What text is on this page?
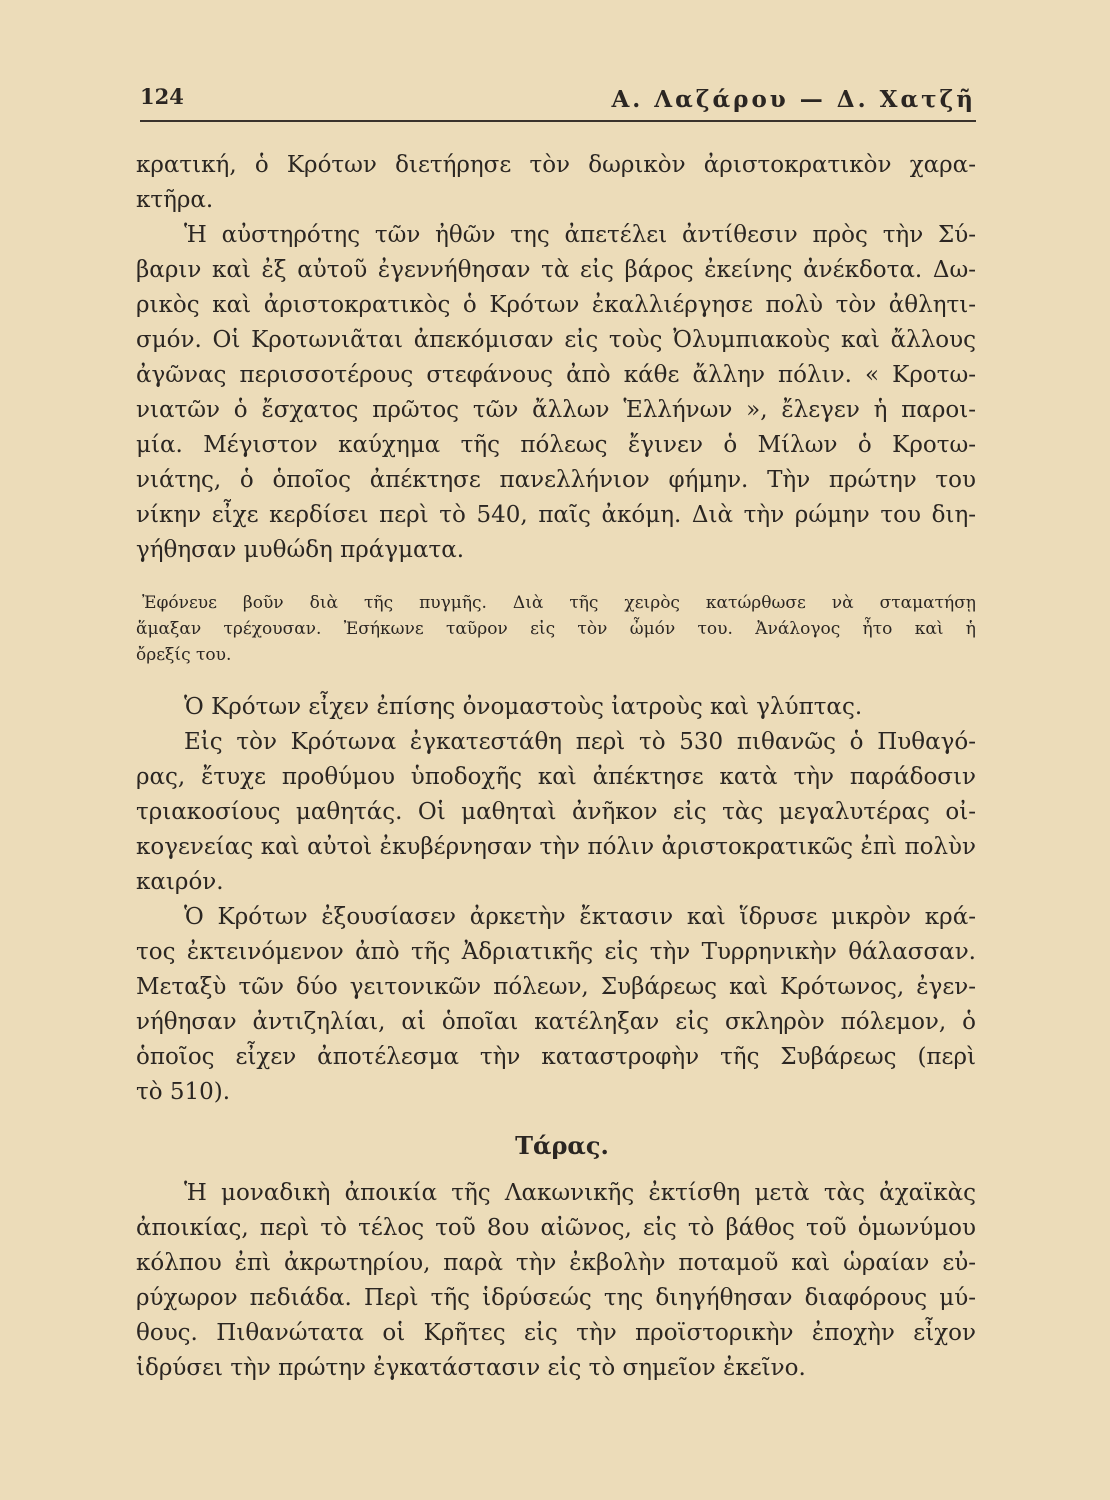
124	Α. Λαζάρου — Δ. Χατζῆ
κρατική, ὁ Κρότων διετήρησε τὸν δωρικὸν ἀριστοκρατικὸν χαρα-
κτῆρα.
Ἡ αὐστηρότης τῶν ἠθῶν της ἀπετέλει ἀντίθεσιν πρὸς τὴν Σύ-
βαριν καὶ ἐξ αὐτοῦ ἐγεννήθησαν τὰ εἰς βάρος ἐκείνης ἀνέκδοτα. Δω-
ρικὸς καὶ ἀριστοκρατικὸς ὁ Κρότων ἐκαλλιέργησε πολὺ τὸν ἀθλητι-
σμόν. Οἱ Κροτωνιᾶται ἀπεκόμισαν εἰς τοὺς Ὀλυμπιακοὺς καὶ ἄλλους
ἀγῶνας περισσοτέρους στεφάνους ἀπὸ κάθε ἄλλην πόλιν. « Κροτω-
νιατῶν ὁ ἔσχατος πρῶτος τῶν ἄλλων Ἑλλήνων », ἔλεγεν ἡ παροι-
μία. Μέγιστον καύχημα τῆς πόλεως ἔγινεν ὁ Μίλων ὁ Κροτω-
νιάτης, ὁ ὁποῖος ἀπέκτησε πανελλήνιον φήμην. Τὴν πρώτην του
νίκην εἶχε κερδίσει περὶ τὸ 540, παῖς ἀκόμη. Διὰ τὴν ρώμην του διη-
γήθησαν μυθώδη πράγματα.
Ἐφόνευε βοῦν διὰ τῆς πυγμῆς. Διὰ τῆς χειρὸς κατώρθωσε νὰ σταματήσῃ
ἅμαξαν τρέχουσαν. Ἐσήκωνε ταῦρον εἰς τὸν ὦμόν του. Ἀνάλογος ἦτο καὶ ἡ
ὄρεξίς του.
Ὁ Κρότων εἶχεν ἐπίσης ὀνομαστοὺς ἰατροὺς καὶ γλύπτας.
Εἰς τὸν Κρότωνα ἐγκατεστάθη περὶ τὸ 530 πιθανῶς ὁ Πυθαγό-
ρας, ἔτυχε προθύμου ὑποδοχῆς καὶ ἀπέκτησε κατὰ τὴν παράδοσιν
τριακοσίους μαθητάς. Οἱ μαθηταὶ ἀνῆκον εἰς τὰς μεγαλυτέρας οἰ-
κογενείας καὶ αὐτοὶ ἐκυβέρνησαν τὴν πόλιν ἀριστοκρατικῶς ἐπὶ πολὺν
καιρόν.
Ὁ Κρότων ἐξουσίασεν ἀρκετὴν ἔκτασιν καὶ ἵδρυσε μικρὸν κρά-
τος ἐκτεινόμενον ἀπὸ τῆς Ἀδριατικῆς εἰς τὴν Τυρρηνικὴν θάλασσαν.
Μεταξὺ τῶν δύο γειτονικῶν πόλεων, Συβάρεως καὶ Κρότωνος, ἐγεν-
νήθησαν ἀντιζηλίαι, αἱ ὁποῖαι κατέληξαν εἰς σκληρὸν πόλεμον, ὁ
ὁποῖος εἶχεν ἀποτέλεσμα τὴν καταστροφὴν τῆς Συβάρεως (περὶ
τὸ 510).
Τάρας.
Ἡ μοναδικὴ ἀποικία τῆς Λακωνικῆς ἐκτίσθη μετὰ τὰς ἀχαϊκὰς
ἀποικίας, περὶ τὸ τέλος τοῦ 8ου αἰῶνος, εἰς τὸ βάθος τοῦ ὁμωνύμου
κόλπου ἐπὶ ἀκρωτηρίου, παρὰ τὴν ἐκβολὴν ποταμοῦ καὶ ὡραίαν εὐ-
ρύχωρον πεδιάδα. Περὶ τῆς ἱδρύσεώς της διηγήθησαν διαφόρους μύ-
θους. Πιθανώτατα οἱ Κρῆτες εἰς τὴν προϊστορικὴν ἐποχὴν εἶχον
ἱδρύσει τὴν πρώτην ἐγκατάστασιν εἰς τὸ σημεῖον ἐκεῖνο.
